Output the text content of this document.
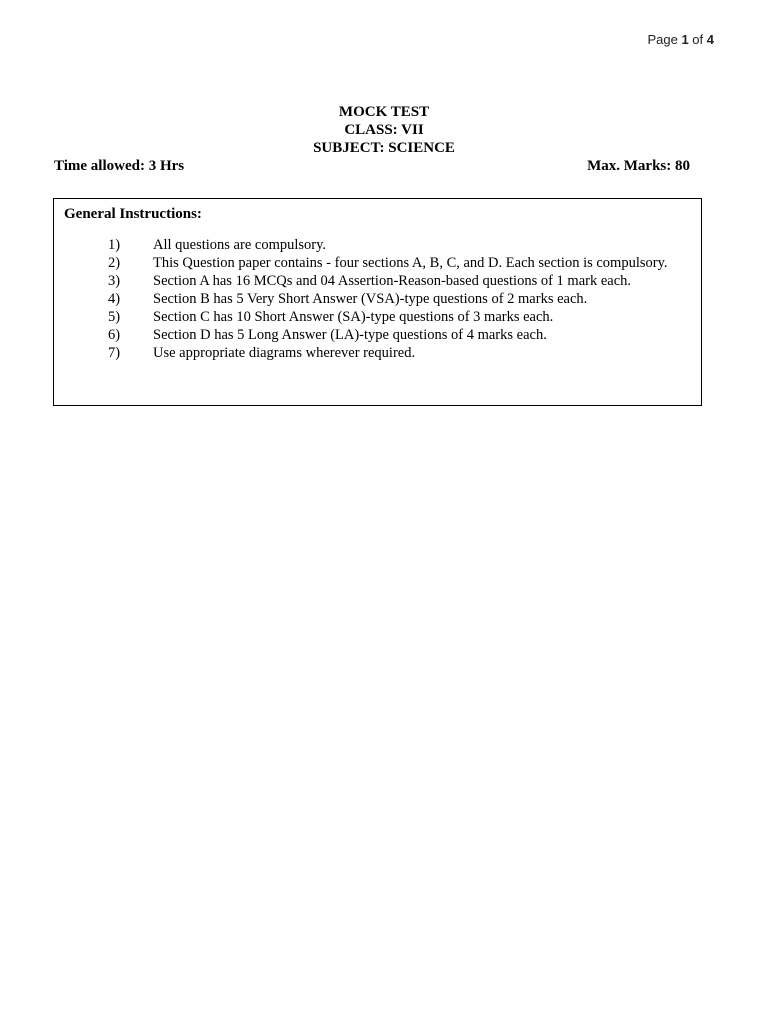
Page 1 of 4
MOCK TEST
CLASS: VII
SUBJECT: SCIENCE
Time allowed: 3 Hrs	Max. Marks: 80
General Instructions:
1) All questions are compulsory.
2) This Question paper contains - four sections A, B, C, and D. Each section is compulsory.
3) Section A has 16 MCQs and 04 Assertion-Reason-based questions of 1 mark each.
4) Section B has 5 Very Short Answer (VSA)-type questions of 2 marks each.
5) Section C has 10 Short Answer (SA)-type questions of 3 marks each.
6) Section D has 5 Long Answer (LA)-type questions of 4 marks each.
7) Use appropriate diagrams wherever required.
